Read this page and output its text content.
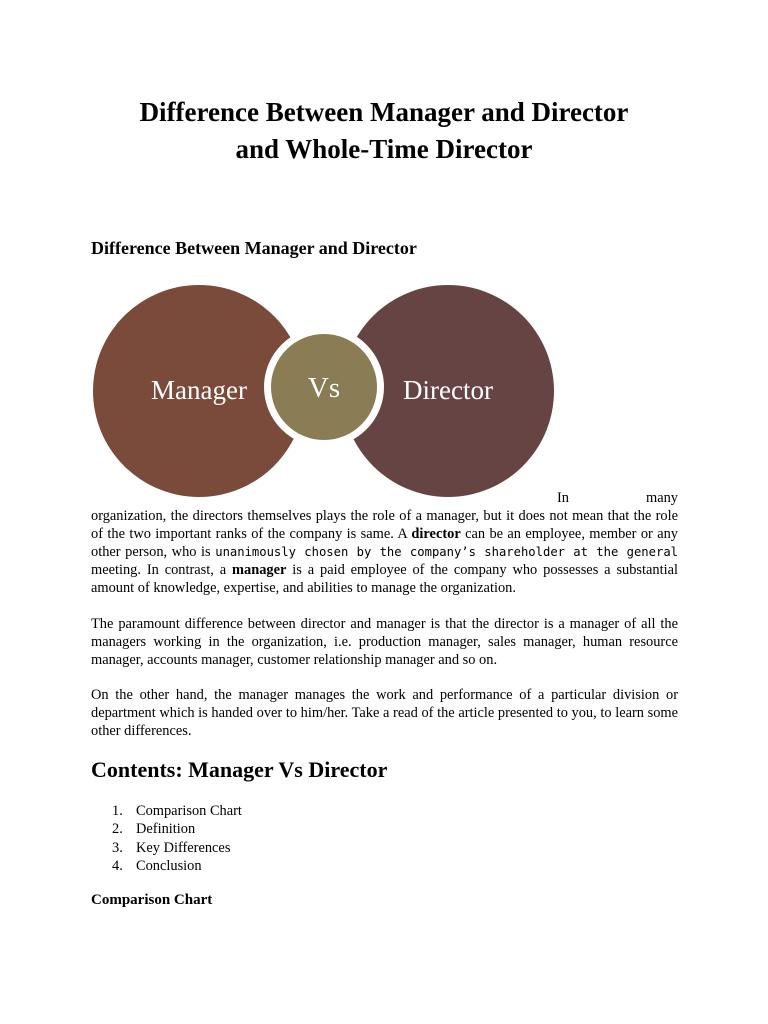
Difference Between Manager and Director
and Whole-Time Director
Difference Between Manager and Director
Manager Vs Director

In	many
organization, the directors themselves plays the role of a manager, but it does not mean that the role of the two important ranks of the company is same. A director can be an employee, member or any other person, who is unanimously chosen by the company’s shareholder at the general meeting. In contrast, a manager is a paid employee of the company who possesses a substantial amount of knowledge, expertise, and abilities to manage the organization.

The paramount difference between director and manager is that the director is a manager of all the managers working in the organization, i.e. production manager, sales manager, human resource manager, accounts manager, customer relationship manager and so on.

On the other hand, the manager manages the work and performance of a particular division or department which is handed over to him/her. Take a read of the article presented to you, to learn some other differences.

Contents: Manager Vs Director
1. Comparison Chart
2. Definition
3. Key Differences
4. Conclusion
Comparison Chart
